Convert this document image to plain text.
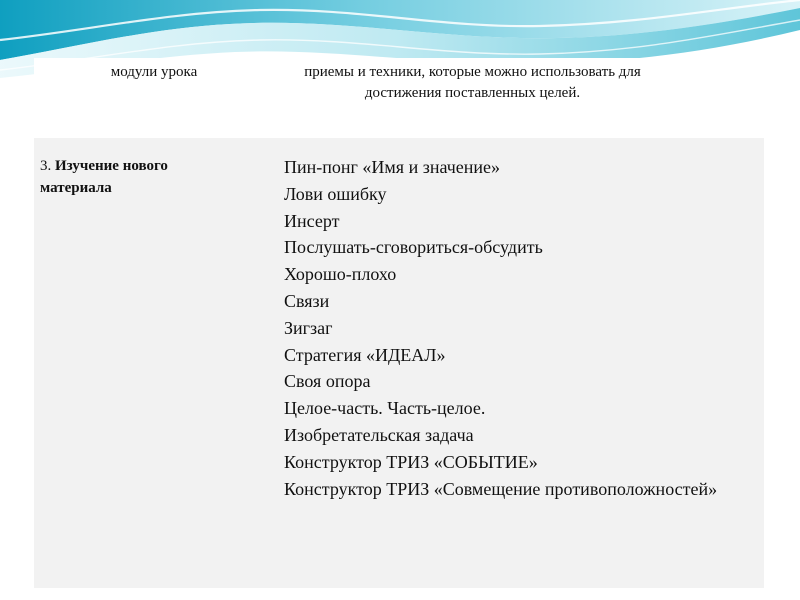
модули урока	приемы и техники, которые можно использовать для достижения поставленных целей.
3. Изучение нового материала
Пин-понг «Имя и значение»
Лови ошибку
Инсерт
Послушать-сговориться-обсудить
Хорошо-плохо
Связи
Зигзаг
Стратегия «ИДЕАЛ»
Своя опора
Целое-часть. Часть-целое.
Изобретательская задача
Конструктор ТРИЗ «СОБЫТИЕ»
Конструктор ТРИЗ «Совмещение противоположностей»
